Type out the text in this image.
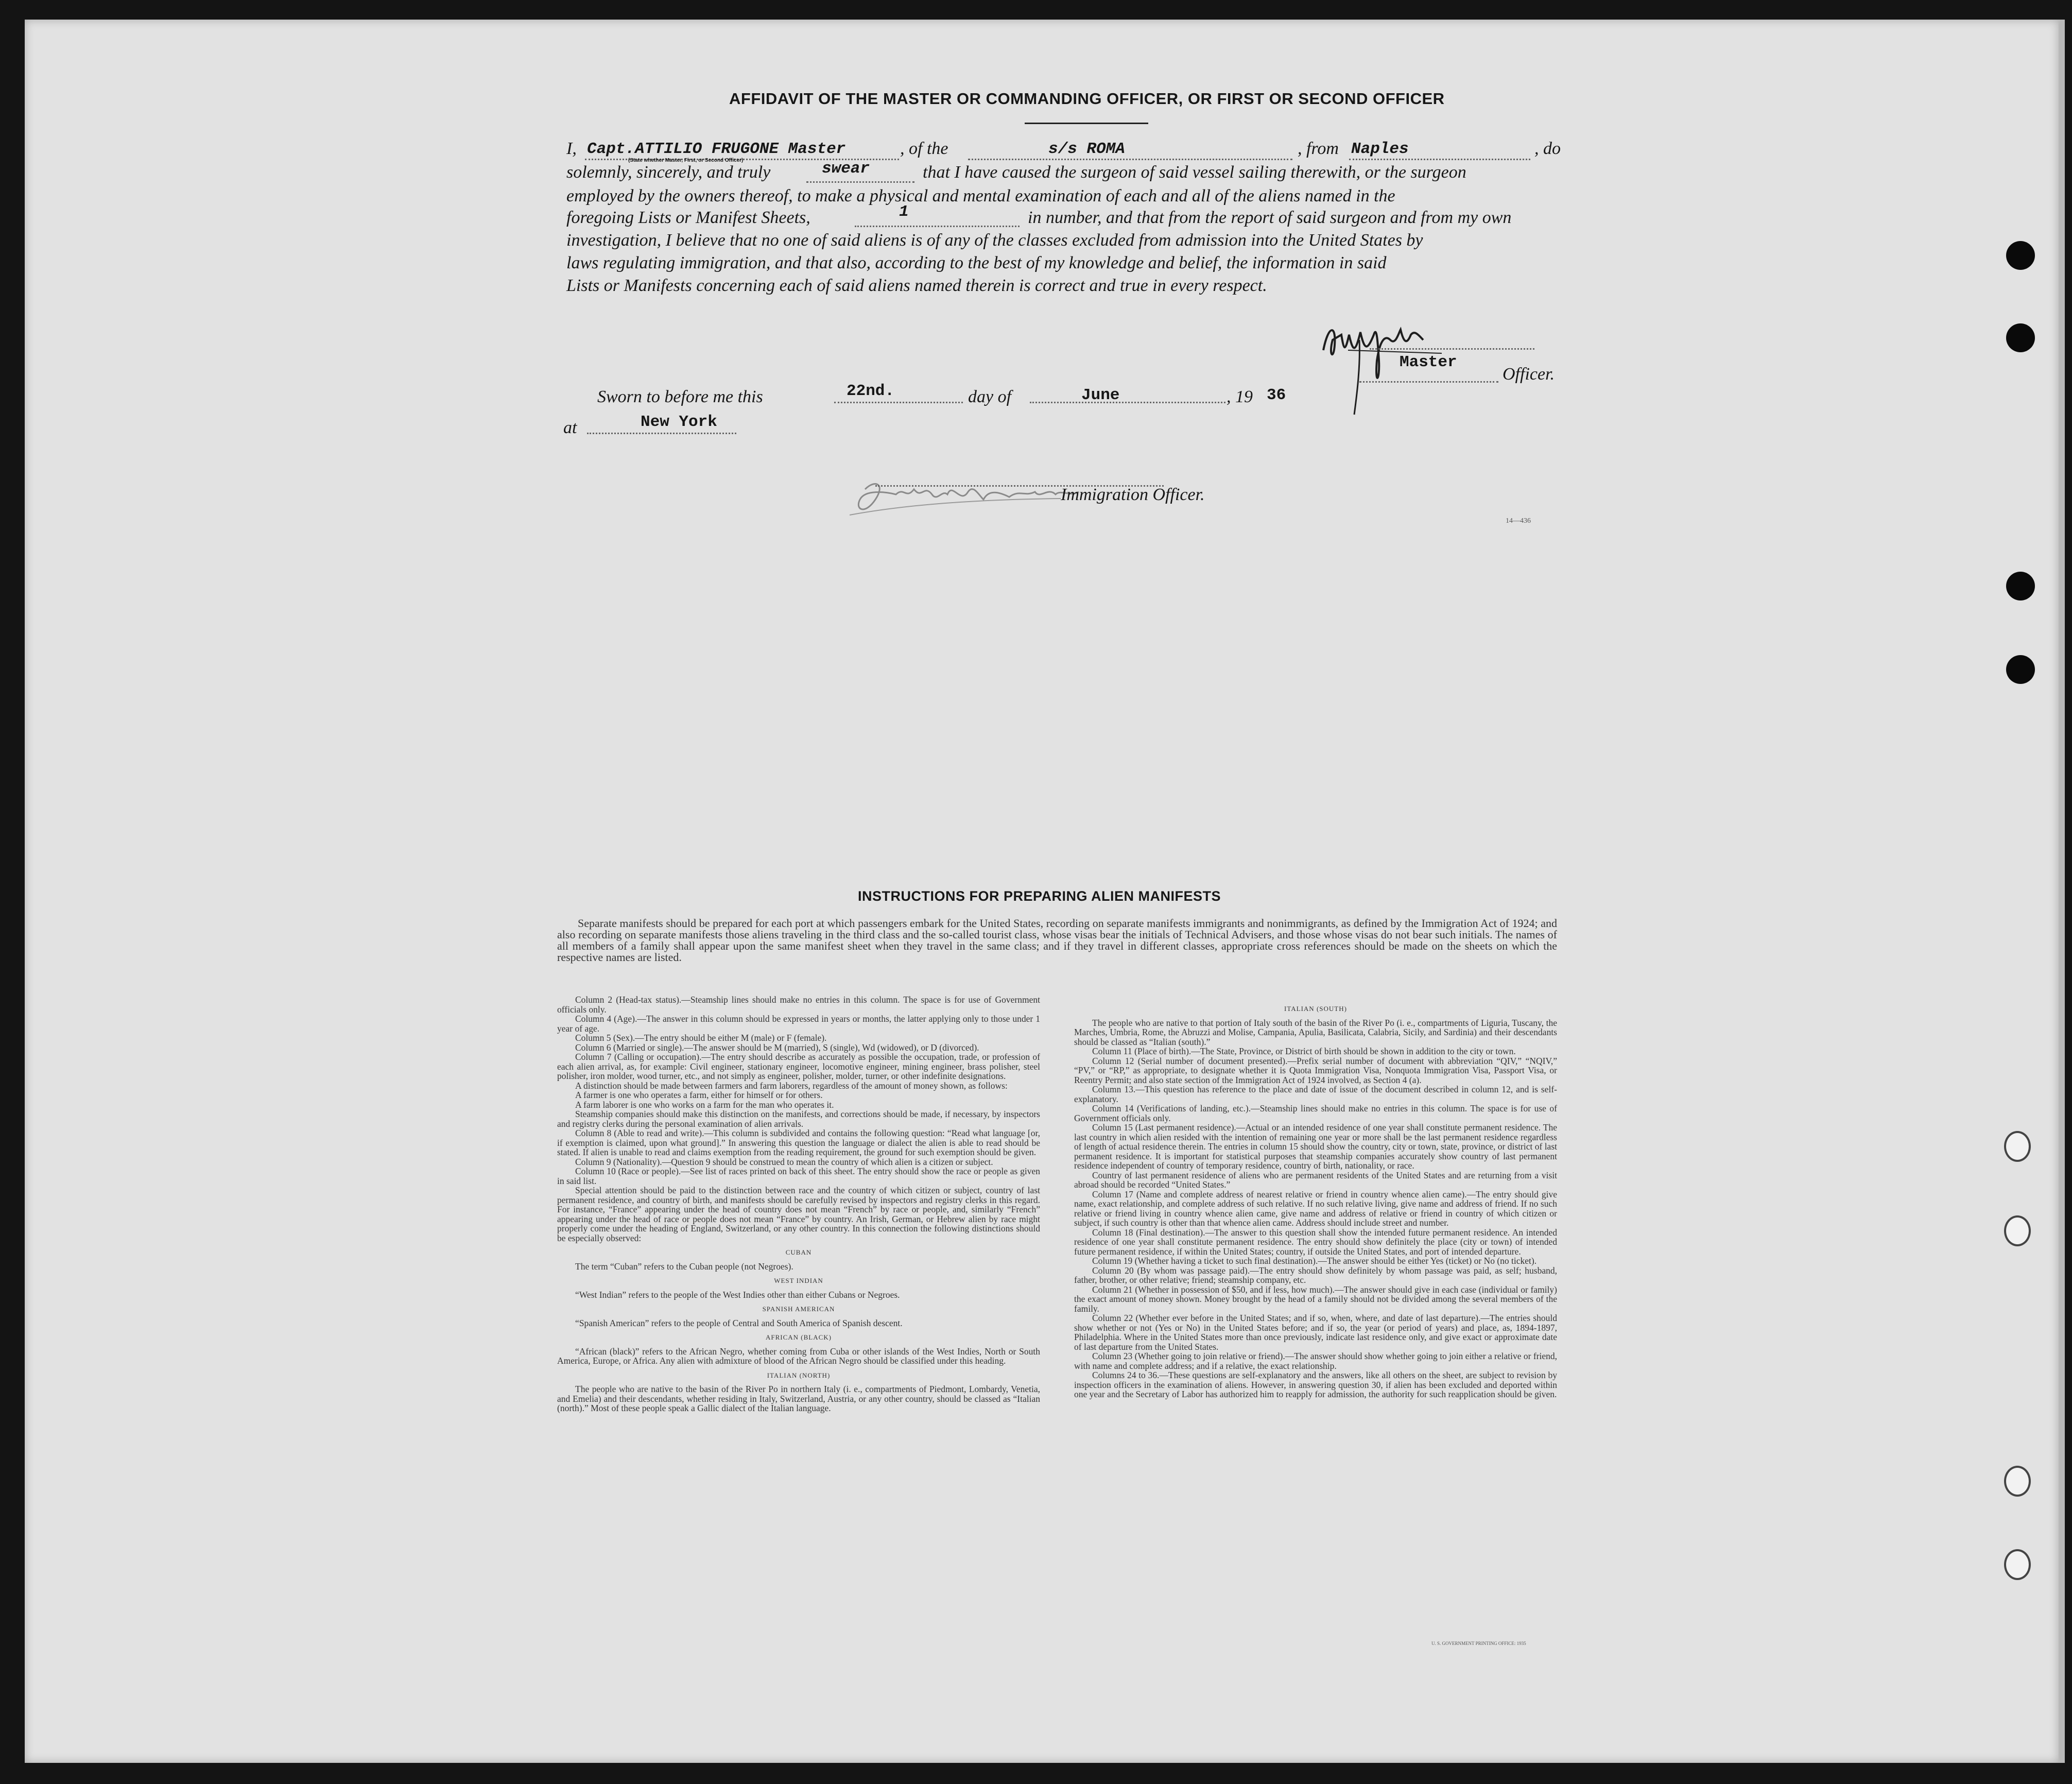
AFFIDAVIT OF THE MASTER OR COMMANDING OFFICER, OR FIRST OR SECOND OFFICER
I, Capt.ATTILIO FRUGONE Master	, of the	s/s ROMA	, from Naples	, do
(State whether Master, First, or Second Officer)
solemnly, sincerely, and truly	swear	that I have caused the surgeon of said vessel sailing therewith, or the surgeon
employed by the owners thereof, to make a physical and mental examination of each and all of the aliens named in the
foregoing Lists or Manifest Sheets,	1	in number, and that from the report of said surgeon and from my own
investigation, I believe that no one of said aliens is of any of the classes excluded from admission into the United States by
laws regulating immigration, and that also, according to the best of my knowledge and belief, the information in said
Lists or Manifests concerning each of said aliens named therein is correct and true in every respect.
Master
Officer.
Sworn to before me this	22nd.	day of	June	, 19 36
at	New York
Immigration Officer.
14—436
INSTRUCTIONS FOR PREPARING ALIEN MANIFESTS
Separate manifests should be prepared for each port at which passengers embark for the United States, recording on separate manifests immigrants and nonimmigrants, as defined by the Immigration Act of 1924; and also recording on separate manifests those aliens traveling in the third class and the so-called tourist class, whose visas bear the initials of Technical Advisers, and those whose visas do not bear such initials. The names of all members of a family shall appear upon the same manifest sheet when they travel in the same class; and if they travel in different classes, appropriate cross references should be made on the sheets on which the respective names are listed.

Column 2 (Head-tax status).—Steamship lines should make no entries in this column. The space is for use of Government officials only.

Column 4 (Age).—The answer in this column should be expressed in years or months, the latter applying only to those under 1 year of age.

Column 5 (Sex).—The entry should be either M (male) or F (female).

Column 6 (Married or single).—The answer should be M (married), S (single), Wd (widowed), or D (divorced).

Column 7 (Calling or occupation).—The entry should describe as accurately as possible the occupation, trade, or profession of each alien arrival, as, for example: Civil engineer, stationary engineer, locomotive engineer, mining engineer, brass polisher, steel polisher, iron molder, wood turner, etc., and not simply as engineer, polisher, molder, turner, or other indefinite designations.

A distinction should be made between farmers and farm laborers, regardless of the amount of money shown, as follows:

A farmer is one who operates a farm, either for himself or for others.

A farm laborer is one who works on a farm for the man who operates it.

Steamship companies should make this distinction on the manifests, and corrections should be made, if necessary, by inspectors and registry clerks during the personal examination of alien arrivals.

Column 8 (Able to read and write).—This column is subdivided and contains the following question: “Read what language [or, if exemption is claimed, upon what ground].” In answering this question the language or dialect the alien is able to read should be stated. If alien is unable to read and claims exemption from the reading requirement, the ground for such exemption should be given.

Column 9 (Nationality).—Question 9 should be construed to mean the country of which alien is a citizen or subject.

Column 10 (Race or people).—See list of races printed on back of this sheet. The entry should show the race or people as given in said list.

Special attention should be paid to the distinction between race and the country of which citizen or subject, country of last permanent residence, and country of birth, and manifests should be carefully revised by inspectors and registry clerks in this regard. For instance, “France” appearing under the head of country does not mean “French” by race or people, and, similarly “French” appearing under the head of race or people does not mean “France” by country. An Irish, German, or Hebrew alien by race might properly come under the heading of England, Switzerland, or any other country. In this connection the following distinctions should be especially observed:

CUBAN

The term “Cuban” refers to the Cuban people (not Negroes).

WEST INDIAN

“West Indian” refers to the people of the West Indies other than either Cubans or Negroes.

SPANISH AMERICAN

“Spanish American” refers to the people of Central and South America of Spanish descent.

AFRICAN (BLACK)

“African (black)” refers to the African Negro, whether coming from Cuba or other islands of the West Indies, North or South America, Europe, or Africa. Any alien with admixture of blood of the African Negro should be classified under this heading.

ITALIAN (NORTH)

The people who are native to the basin of the River Po in northern Italy (i. e., compartments of Piedmont, Lombardy, Venetia, and Emelia) and their descendants, whether residing in Italy, Switzerland, Austria, or any other country, should be classed as “Italian (north).” Most of these people speak a Gallic dialect of the Italian language.

ITALIAN (SOUTH)

The people who are native to that portion of Italy south of the basin of the River Po (i. e., compartments of Liguria, Tuscany, the Marches, Umbria, Rome, the Abruzzi and Molise, Campania, Apulia, Basilicata, Calabria, Sicily, and Sardinia) and their descendants should be classed as “Italian (south).”

Column 11 (Place of birth).—The State, Province, or District of birth should be shown in addition to the city or town.

Column 12 (Serial number of document presented).—Prefix serial number of document with abbreviation “QIV,” “NQIV,” “PV,” or “RP,” as appropriate, to designate whether it is Quota Immigration Visa, Nonquota Immigration Visa, Passport Visa, or Reentry Permit; and also state section of the Immigration Act of 1924 involved, as Section 4 (a).

Column 13.—This question has reference to the place and date of issue of the document described in column 12, and is self-explanatory.

Column 14 (Verifications of landing, etc.).—Steamship lines should make no entries in this column. The space is for use of Government officials only.

Column 15 (Last permanent residence).—Actual or an intended residence of one year shall constitute permanent residence. The last country in which alien resided with the intention of remaining one year or more shall be the last permanent residence regardless of length of actual residence therein. The entries in column 15 should show the country, city or town, state, province, or district of last permanent residence. It is important for statistical purposes that steamship companies accurately show country of last permanent residence independent of country of temporary residence, country of birth, nationality, or race.

Country of last permanent residence of aliens who are permanent residents of the United States and are returning from a visit abroad should be recorded “United States.”

Column 17 (Name and complete address of nearest relative or friend in country whence alien came).—The entry should give name, exact relationship, and complete address of such relative. If no such relative living, give name and address of friend. If no such relative or friend living in country whence alien came, give name and address of relative or friend in country of which citizen or subject, if such country is other than that whence alien came. Address should include street and number.

Column 18 (Final destination).—The answer to this question shall show the intended future permanent residence. An intended residence of one year shall constitute permanent residence. The entry should show definitely the place (city or town) of intended future permanent residence, if within the United States; country, if outside the United States, and port of intended departure.

Column 19 (Whether having a ticket to such final destination).—The answer should be either Yes (ticket) or No (no ticket).

Column 20 (By whom was passage paid).—The entry should show definitely by whom passage was paid, as self; husband, father, brother, or other relative; friend; steamship company, etc.

Column 21 (Whether in possession of $50, and if less, how much).—The answer should give in each case (individual or family) the exact amount of money shown. Money brought by the head of a family should not be divided among the several members of the family.

Column 22 (Whether ever before in the United States; and if so, when, where, and date of last departure).—The entries should show whether or not (Yes or No) in the United States before; and if so, the year (or period of years) and place, as, 1894-1897, Philadelphia. Where in the United States more than once previously, indicate last residence only, and give exact or approximate date of last departure from the United States.

Column 23 (Whether going to join relative or friend).—The answer should show whether going to join either a relative or friend, with name and complete address; and if a relative, the exact relationship.

Columns 24 to 36.—These questions are self-explanatory and the answers, like all others on the sheet, are subject to revision by inspection officers in the examination of aliens. However, in answering question 30, if alien has been excluded and deported within one year and the Secretary of Labor has authorized him to reapply for admission, the authority for such reapplication should be given.

U. S. GOVERNMENT PRINTING OFFICE: 1935
